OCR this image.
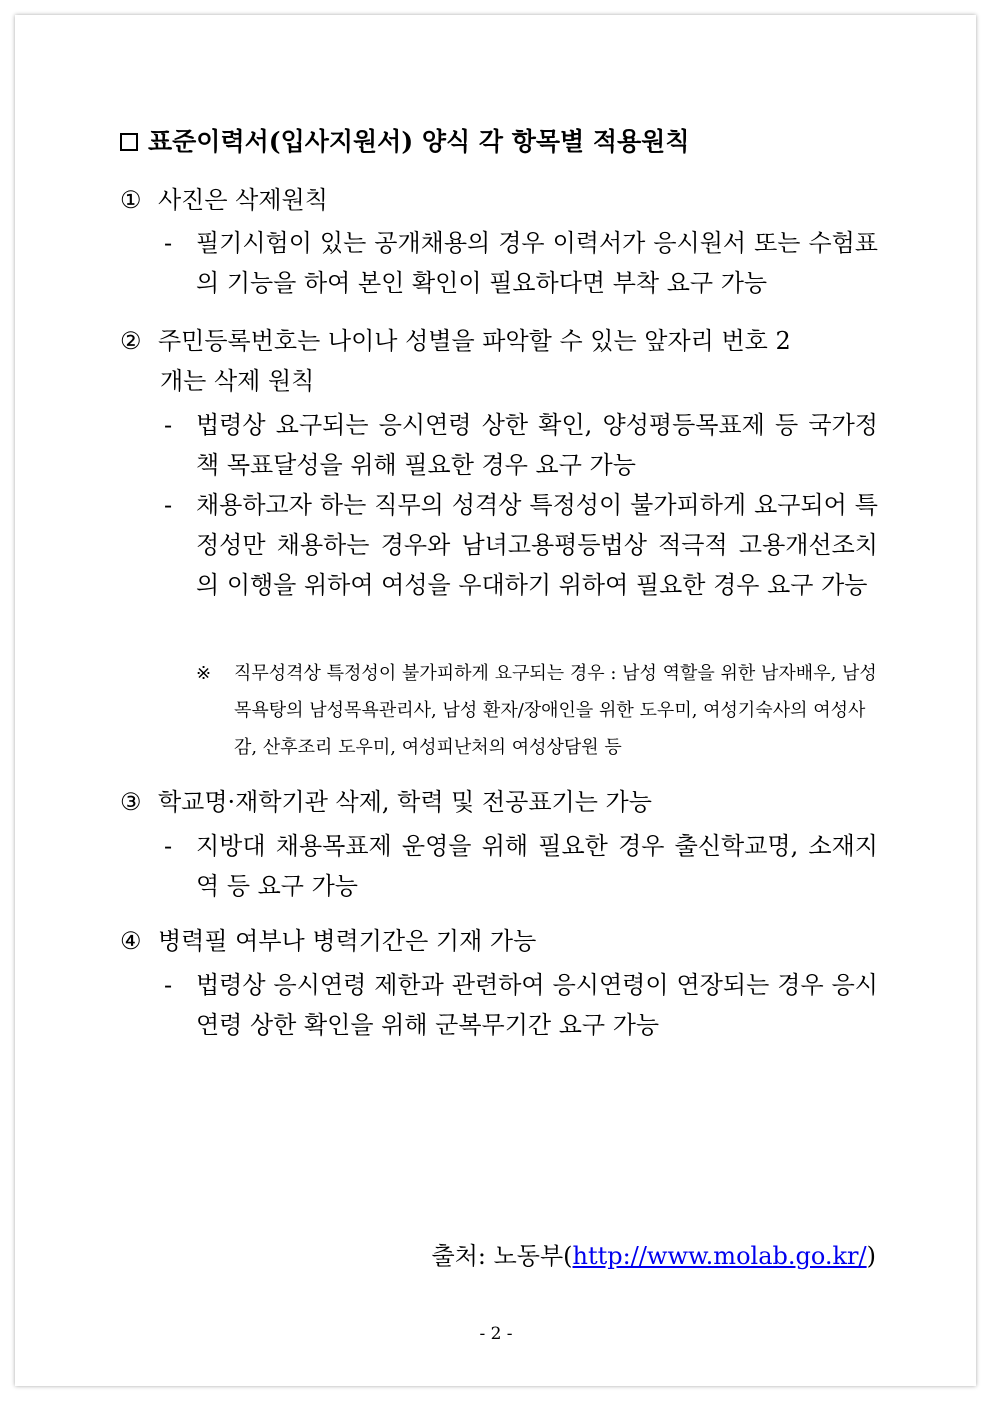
표준이력서(입사지원서) 양식 각 항목별 적용원칙
① 사진은 삭제원칙
- 필기시험이 있는 공개채용의 경우 이력서가 응시원서 또는 수험표의 기능을 하여 본인 확인이 필요하다면 부착 요구 가능
② 주민등록번호는 나이나 성별을 파악할 수 있는 앞자리 번호 2
개는 삭제 원칙
- 법령상 요구되는 응시연령 상한 확인, 양성평등목표제 등 국가정책 목표달성을 위해 필요한 경우 요구 가능
- 채용하고자 하는 직무의 성격상 특정성이 불가피하게 요구되어 특정성만 채용하는 경우와 남녀고용평등법상 적극적 고용개선조치의 이행을 위하여 여성을 우대하기 위하여 필요한 경우 요구 가능
※	직무성격상 특정성이 불가피하게 요구되는 경우 : 남성 역할을 위한 남자배우, 남성목욕탕의 남성목욕관리사, 남성 환자/장애인을 위한 도우미, 여성기숙사의 여성사감, 산후조리 도우미, 여성피난처의 여성상담원 등
③ 학교명·재학기관 삭제, 학력 및 전공표기는 가능
- 지방대 채용목표제 운영을 위해 필요한 경우 출신학교명, 소재지역 등 요구 가능
④ 병력필 여부나 병력기간은 기재 가능
- 법령상 응시연령 제한과 관련하여 응시연령이 연장되는 경우 응시연령 상한 확인을 위해 군복무기간 요구 가능
출처: 노동부(http://www.molab.go.kr/)
- 2 -
